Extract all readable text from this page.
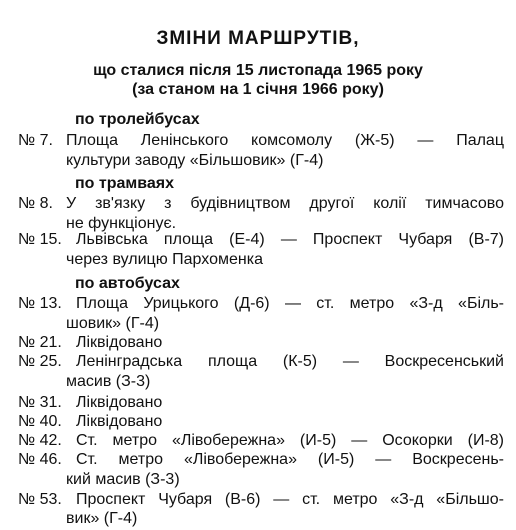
ЗМІНИ МАРШРУТІВ,
що сталися після 15 листопада 1965 року
(за станом на 1 січня 1966 року)
по тролейбусах
№ 7. Площа Ленінського комсомолу (Ж-5) — Палац
культури заводу «Більшовик» (Г-4)
по трамваях
№ 8. У зв'язку з будівництвом другої колії тимчасово
не функціонує.
№ 15. Львівська площа (Е-4) — Проспект Чубаря (В-7)
через вулицю Пархоменка
по автобусах
№ 13. Площа Урицького (Д-6) — ст. метро «З-д «Біль-
шовик» (Г-4)
№ 21. Ліквідовано
№ 25. Ленінградська площа (К-5) — Воскресенський
масив (З-3)
№ 31. Ліквідовано
№ 40. Ліквідовано
№ 42. Ст. метро «Лівобережна» (И-5) — Осокорки (И-8)
№ 46. Ст. метро «Лівобережна» (И-5) — Воскресень-
кий масив (З-3)
№ 53. Проспект Чубаря (В-6) — ст. метро «З-д «Більшо-
вик» (Г-4)
